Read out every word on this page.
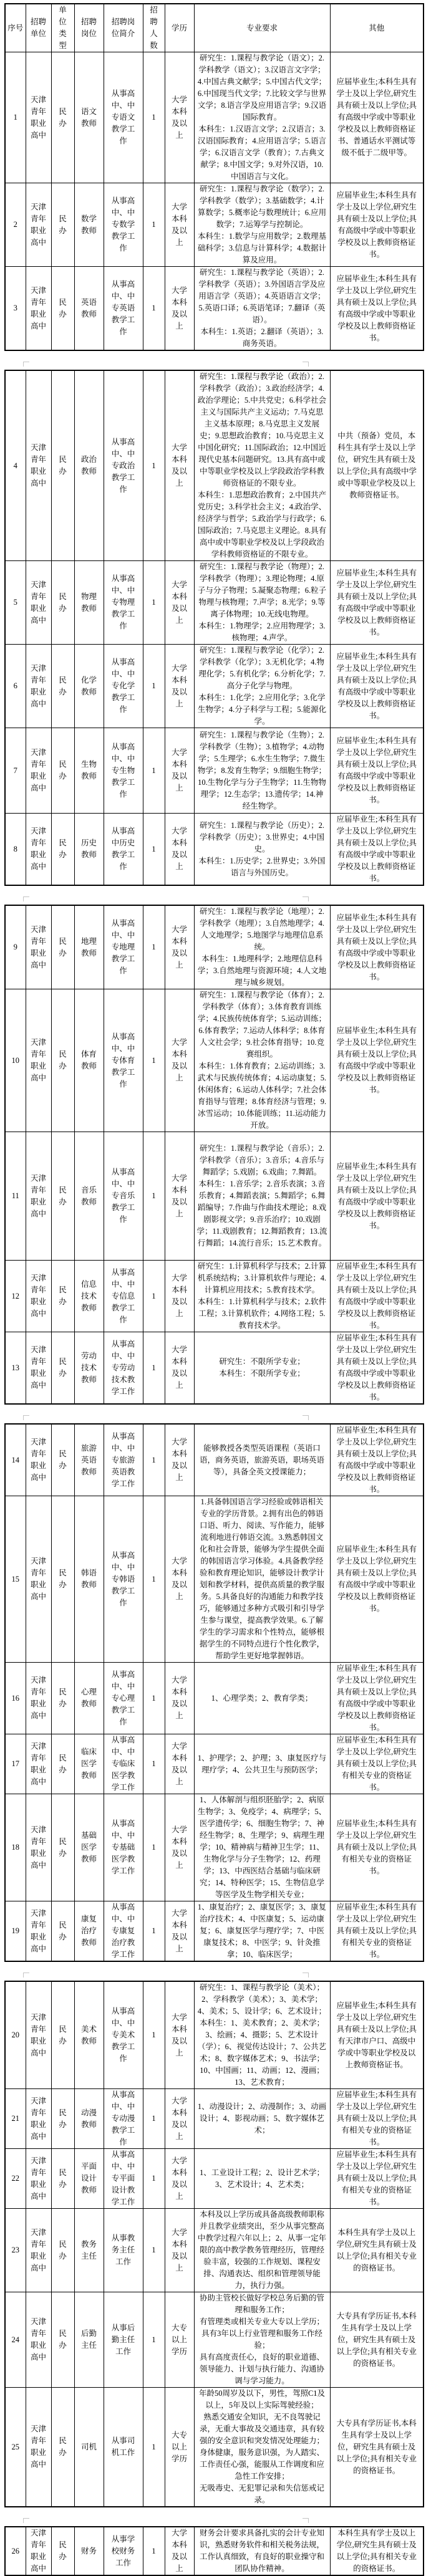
序号	招聘单位	单位类型	招聘岗位	招聘岗位简介	招聘人数	学历	专业要求	其他
1	天津青年职业高中	民办	语文教师	从事高中、中专语文教学工作	1	大学本科及以上	研究生：1.课程与教学论（语文）；2.学科教学（语文）；3.汉语言文字学；4.中国古典文献学；5.中国古代文学；6.中国现当代文学；7.比较文学与世界文学；8.语言学及应用语言学；9.汉语国际教育。
本科生：1.汉语言文学；2.汉语言；3.汉语国际教育；4.应用语言学；5.语言学；6.汉语言文学（教育）；7.古典文献学；8.中国文学；9.对外汉语，10.中国语言与文化。	应届毕业生;本科生具有学士及以上学位,研究生具有硕士及以上学位;具有高级中学或中等职业学校及以上教师资格证书、普通话水平测试等级不低于二级甲等。
2	天津青年职业高中	民办	数学教师	从事高中、中专数学教学工作	1	大学本科及以上	研究生：1.课程与教学论（数学）；2.学科教学（数学）；3.基础数学；4.计算数学；5.概率论与数理统计；6.应用数学；7.运筹学与控制论。
本科生：1.数学与应用数学；2.数理基础科学；3.信息与计算科学；4.数据计算及应用。	应届毕业生;本科生具有学士及以上学位,研究生具有硕士及以上学位;具有高级中学或中等职业学校及以上教师资格证书。
3	天津青年职业高中	民办	英语教师	从事高中、中专英语教学工作	1	大学本科及以上	研究生：1.课程与教学论（英语）；2.学科教学（英语）；3.外国语言学及应用语言学（英语）；4.英语语言文学；5.英语口译；6.英语笔译；7.翻译（英语）。
本科生：1.英语；2.翻译（英语）；3.商务英语。	应届毕业生;本科生具有学士及以上学位,研究生具有硕士及以上学位;具有高级中学或中等职业学校及以上教师资格证书。
4	天津青年职业高中	民办	政治教师	从事高中、中专政治教学工作	1	大学本科及以上	研究生：1.课程与教学论（政治）；2.学科教学（政治）；3.政治经济学；4.政治学理论；5.中共党史；6.科学社会主义与国际共产主义运动；7.马克思主义基本原理；8.马克思主义发展史；9.思想政治教育；10.马克思主义中国化研究；11.国际政治；12.中国近现代史基本问题研究。13.具有高中或中等职业学校及以上学段政治学科教师资格证的不限专业。
本科生：1.思想政治教育；2.中国共产党历史；3.科学社会主义；4.政治学、经济学与哲学；5.政治学与行政学；6.国际政治；7.马克思主义理论。8.具有高中或中等职业学校及以上学段政治学科教师资格证的不限专业。	中共（预备）党员，本科生具有学士及以上学位，研究生具有硕士及以上学位;具有高级中学或中等职业学校及以上教师资格证书。
5	天津青年职业高中	民办	物理教师	从事高中、中专物理教学工作	1	大学本科及以上	研究生：1.课程与教学论（物理）；2.学科教学（物理）；3.理论物理；4.原子与分子物理；5.凝聚态物理；6.粒子物理与核物理；7.声学；8.光学；9.等离子体物理；10.无线电物理。
本科生：1.物理学；2.应用物理学；3.核物理；4.声学。	应届毕业生;本科生具有学士及以上学位,研究生具有硕士及以上学位;具有高级中学或中等职业学校及以上教师资格证书。
6	天津青年职业高中	民办	化学教师	从事高中、中专化学教学工作	1	大学本科及以上	研究生：1.课程与教学论（化学）；2.学科教学（化学）；3.无机化学；4.物理化学；5.有机化学；6.分析化学；7.高分子化学与物理。
本科生：1.化学；2.应用化学；3.化学生物学；4.分子科学与工程；5.能源化学。	应届毕业生;本科生具有学士及以上学位,研究生具有硕士及以上学位;具有高级中学或中等职业学校及以上教师资格证书。
7	天津青年职业高中	民办	生物教师	从事高中、中专生物教学工作	1	大学本科及以上	研究生：1.课程与教学论（生物）；2.学科教学（生物）；3.植物学；4.动物学；5.生理学；6.水生生物学；7.微生物学；8.发育生物学；9.细胞生物学；10.生物化学与分子生物学；11.生物物理学；12.生态学；13.遗传学；14.神经生物学。	应届毕业生;本科生具有学士及以上学位,研究生具有硕士及以上学位;具有高级中学或中等职业学校及以上教师资格证书。
8	天津青年职业高中	民办	历史教师	从事高中历史教学工作	1	大学本科及以上	研究生：1.课程与教学论（历史）；2.学科教学（历史）；3.世界史；4.中国史。
本科生：1.历史学；2.世界史；3.外国语言与外国历史。	应届毕业生;本科生具有学士及以上学位,研究生具有硕士及以上学位;具有高级中学或中等职业学校及以上教师资格证书。
9	天津青年职业高中	民办	地理教师	从事高中、中专地理教学工作	1	大学本科及以上	研究生：1.课程与教学论（地理）；2.学科教学（地理）；3.自然地理学；4.人文地理学；5.地图学与地理信息系统。
本科生：1.地理科学；2.地理信息科学；3.自然地理与资源环境；4.人文地理与城乡规划。	应届毕业生;本科生具有学士及以上学位,研究生具有硕士及以上学位;具有高级中学或中等职业学校及以上教师资格证书。
10	天津青年职业高中	民办	体育教师	从事高中、中专体育教学工作	1	大学本科及以上	研究生：1.课程与教学论（体育）；2.学科教学（体育）；3.体育教育训练学；4.民族传统体育学；5.运动训练；6.体育教学；7.运动人体科学；8.体育人文社会学；9.社会体育指导；10.竞赛组织。
本科生：1.体育教育；2.运动训练；3.武术与民族传统体育；4.运动康复；5.休闲体育；6.运动人体科学；7.社会体育指导与管理；8.体育经济与管理；9.冰雪运动；10.体能训练；11.运动能力开放。	应届毕业生;本科生具有学士及以上学位,研究生具有硕士及以上学位;具有高级中学或中等职业学校及以上教师资格证书。
11	天津青年职业高中	民办	音乐教师	从事高中、中专音乐教学工作	1	大学本科及以上	研究生：1.课程与教学论（音乐）；2.学科教学（音乐）；3.音乐；4.音乐与舞蹈学；5.戏剧；6.戏曲；7.舞蹈。
本科生：1.音乐学；2.音乐表演；3.音乐教育；4.舞蹈表演；5.舞蹈学；6.舞蹈编导；7.作曲与作曲技术理论；8.戏剧影视文学；9.音乐治疗；10.戏剧学；11.戏剧教育；12.舞蹈教育；13.流行舞蹈；14.流行音乐；15.艺术教育。	应届毕业生;本科生具有学士及以上学位,研究生具有硕士及以上学位;具有高级中学或中等职业学校及以上教师资格证书。
12	天津青年职业高中	民办	信息技术教师	从事高中、中专信息教学工作	1	大学本科及以上	研究生：1.计算机科学与技术；2.计算机系统结构；3.计算机软件与理论；4.计算机应用技术；5.教育技术学。
本科生：1.计算机科学与技术；2.软件工程；3.计算机软件；4.网络工程；5.教育技术学。	应届毕业生;本科生具有学士及以上学位,研究生具有硕士及以上学位;具有高级中学或中等职业学校及以上教师资格证书。
13	天津青年职业高中	民办	劳动技术教师	从事高中、中专劳动技术教学工作	1	大学本科及以上	研究生：不限所学专业；
本科生：不限所学专业；	应届毕业生;本科生具有学士及以上学位,研究生具有硕士及以上学位;具有高级中学或中等职业学校及以上教师资格证书。
14	天津青年职业高中	民办	旅游英语教师	从事高中、中专旅游英语教学工作	1	大学本科及以上	能够教授各类型英语课程（英语口语，商务英语，旅游英语，职场英语等），具备全英文授课能力；	应届毕业生;本科生具有学士及以上学位,研究生具有硕士及以上学位;具有高级中学或中等职业学校及以上教师资格证书。
15	天津青年职业高中	民办	韩语教师	从事高中、中专韩语教学工作	1	大学本科及以上	1.具备韩国语言学习经验或韩语相关专业的学历背景。2.拥有出色的韩语口语、听力、阅读、写作能力，能够流利地进行韩语交流。3.熟悉韩国文化和社会背景，能够为学生提供全面的韩国语言学习体验。4.具备教学经验和教育理论知识，能够设计教学计划和教学材料，提供高质量的教学服务。5.具备良好的沟通能力和教学技巧，能够通过多种方式吸引和引导学生参与课堂，提高教学效果。6.了解学生的学习需求和个性特点，能够根据学生的不同特点进行个性化教学，帮助学生更好地掌握韩语。	应届毕业生;本科生具有学士及以上学位,研究生具有硕士及以上学位;具有高级中学或中等职业学校及以上教师资格证书。
16	天津青年职业高中	民办	心理教师	从事高中、中专心理教学工作	1	大学本科及以上	1、心理学类；2、教育学类；	应届毕业生;本科生具有学士及以上学位,研究生具有硕士及以上学位;具有高级中学或中等职业学校及以上教师资格证书。
17	天津青年职业高中	民办	临床医学教师	从事高中、中专临床医学教学工作	1	大学本科及以上	1、护理学；2、护理；3、康复医疗与理疗学；4、公共卫生与预防医学；	应届毕业生;本科生具有学士及以上学位,研究生具有硕士及以上学位;具有相关专业的资格证书。
18	天津青年职业高中	民办	基础医学教师	从事高中、中专基础医学教学工作	1	大学本科及以上	1、人体解剖与组织胚胎学；2、病原生物学；3、免疫学；4、病理学；5、医学遗传学；6、细胞生物学；7、神经生物学；8、生理学；9、病理生理学；10、精神病与精神卫生学；11、生物化学与分子生物学；12、药理学；13、中西医结合基础与临床研究；14、特种医学；15、生物信息学等医学及生物学相关专业；	应届毕业生;本科生具有学士及以上学位,研究生具有硕士及以上学位;具有相关专业的资格证书。
19	天津青年职业高中	民办	康复治疗教师	从事高中、中专康复治疗教学工作	1	大学本科及以上	1、康复治疗；2、康复医学；3、康复治疗技术；4、中医康复；5、运动康复；6、康复医学与理疗学；7、中医康复技术；8、中医学；9、针灸推拿；10、临床医学；	应届毕业生;本科生具有学士及以上学位,研究生具有硕士及以上学位;具有相关专业的资格证书。
20	天津青年职业高中	民办	美术教师	从事高中、中专美术教学工作	1	大学本科及以上	研究生：1、课程与教学论（美术）；2、学科教学（美术）；3、美术学；4、美术；5、设计学；6、艺术设计；
本科生：1、美术教育；2、美术学；3、绘画；4、摄影；5、艺术设计（学）；6、视觉传达设计；7、公共艺术；8、数字媒体艺术；9、书法学；10、中国画；11、动画；12、漫画；13、艺术教育；	应届毕业生;本科生具有学士及以上学位,研究生具有硕士及以上学位;具有天津市户口、高级中学或中等职业学校及以上教师资格证书。
21	天津青年职业高中	民办	动漫教师	从事高中、中专动漫教学工作	1	大学本科及以上	1、动漫设计；2、动漫制作；3、动画设计；4、影视动画；5、数字媒体艺术；	应届毕业生;本科生具有学士及以上学位,研究生具有硕士及以上学位;具有相关专业的资格证书。
22	天津青年职业高中	民办	平面设计教师	从事高中、中专平面设计教学工作	1	大学本科及以上	1、工业设计工程；2、设计艺术学；3、艺术设计；4、艺术类；	应届毕业生;本科生具有学士及以上学位,研究生具有硕士及以上学位;具有相关专业的资格证书。
23	天津青年职业高中	民办	教务主任	从事教务主任工作	1	大学本科及以上	本科及以上学历或具备高级教师职称并且教学业绩突出，至少从事完整高中教学过程六年以上；2、从事一定年限的高中教学教务管理经历，管理经验丰富，较强的工作规划、课程安排、沟通表达、组织和管理领导能力，执行力强。	本科生具有学士及以上学位,研究生具有硕士及以上学位;具有相关专业的资格证书。
24	天津青年职业高中	民办	后勤主任	从事后勤主任工作	1	大专以上学历	协助主管校长做好学校总务后勤的管理和服务工作；
有管理类或相关专业大专以上学历；
具有3年以上行业管理和服务工作经验；
具有高度责任心，良好的职业道德、领导能力、计划与执行能力、沟通协调与学习能力。	大专具有学历证书,本科生具有学士及以上学位，研究生具有硕士及以上学位;具有相关专业的资格证书。
25	天津青年职业高中	民办	司机	从事司机工作	1	大专以上学历	年龄50周岁及以下，男性，驾照C1及以上，5年及以上实际驾驶经验；
熟悉交通安全知识，无不良驾驶记录，无重大事故及交通违章，具有较强的安全意识和突发情况处理能力；
身体健康，服务意识强，为人踏实、工作责任心强，能服从工作调度和应急性工作安排；
无吸毒史、无犯罪记录和失信惩戒记录。	大专具有学历证书,本科生具有学士及以上学位，研究生具有硕士及以上学位;具有相关专业的资格证书。
26	天津青年职业高中	民办	财务	从事学校财务工作	1	大学本科及以上	
财务会计要求具备扎实的会计专业知识，熟悉财务软件和相关税务法规，工作认真细致，有良好的职业操守和团队协作精神。
	本科生具有学士及以上学位,研究生具有硕士及以上学位;具有相关专业的资格证书。
